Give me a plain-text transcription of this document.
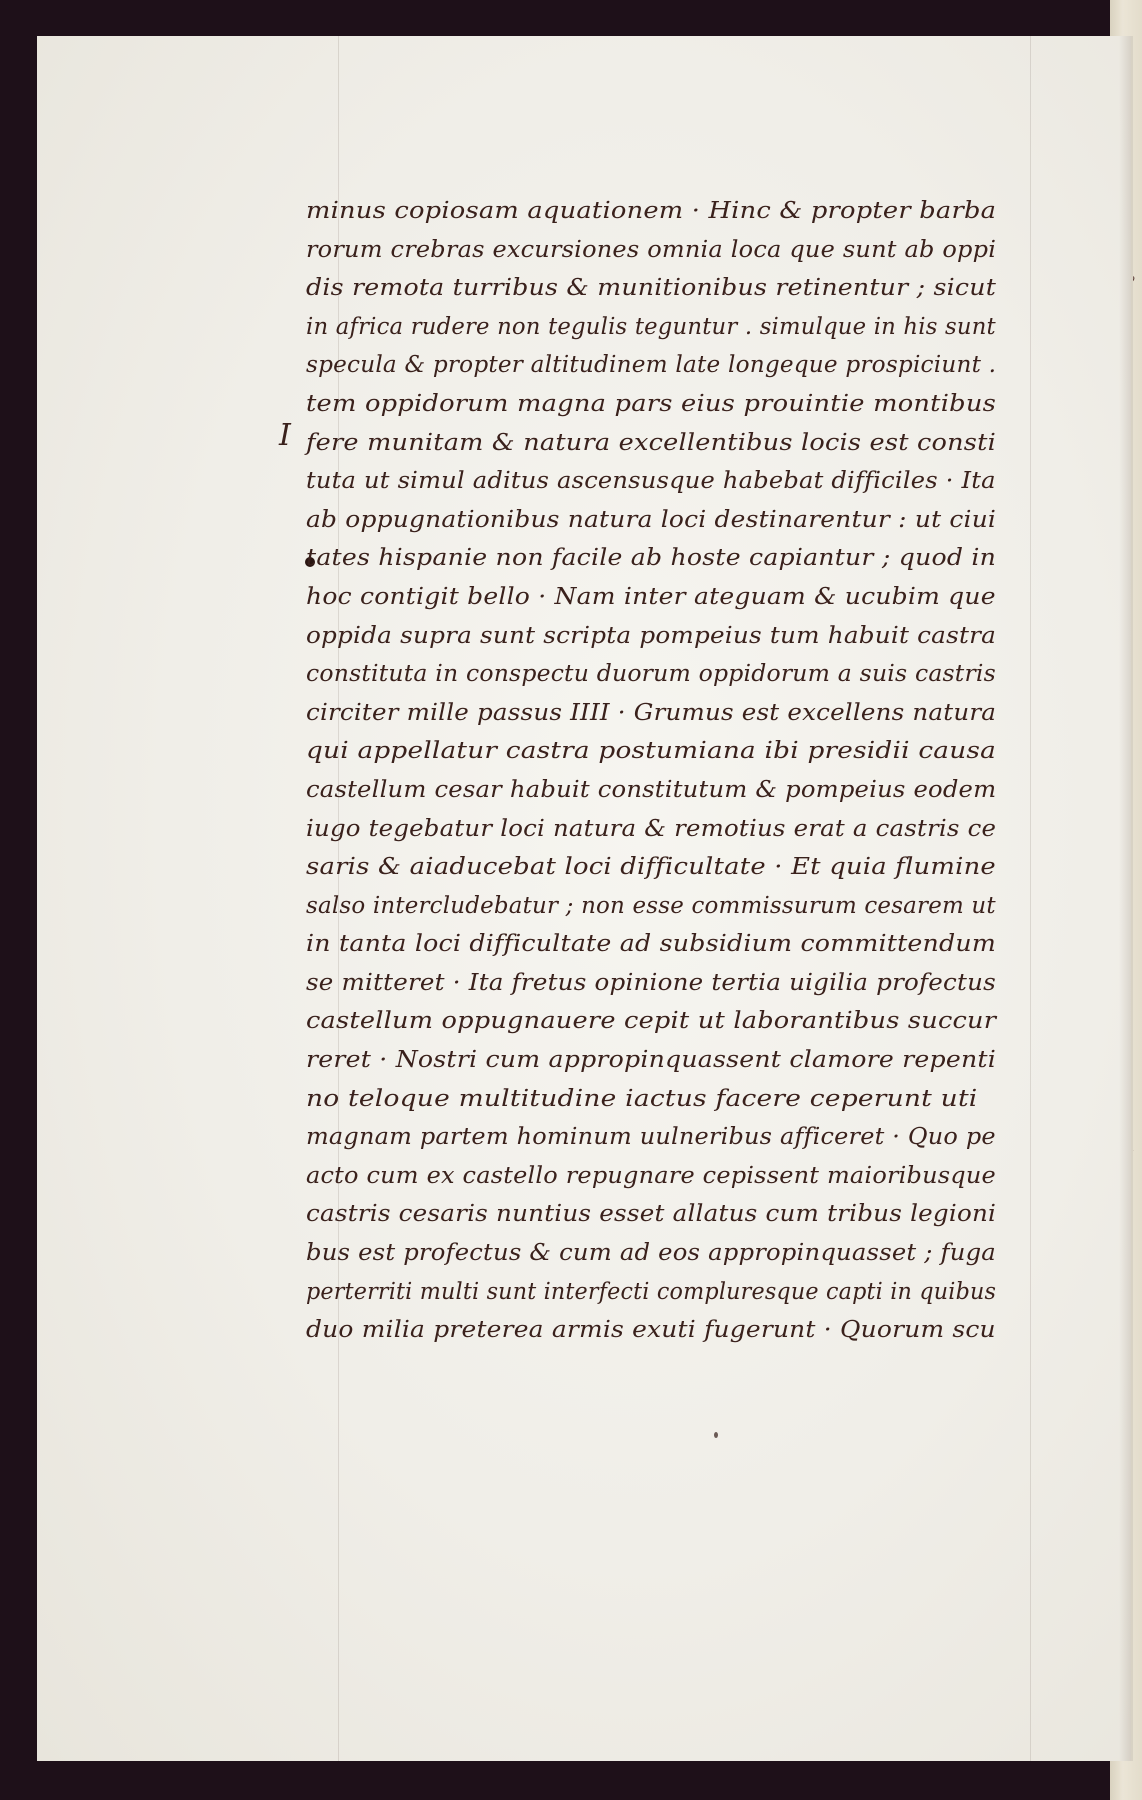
I
minus copiosam aquationem · Hinc & propter barba
rorum crebras excursiones omnia loca que sunt ab oppi
dis remota turribus & munitionibus retinentur ; sicut
in africa rudere non tegulis teguntur . simulque in his sunt
specula & propter altitudinem late longeque prospiciunt .
tem oppidorum magna pars eius prouintie montibus
fere munitam & natura excellentibus locis est consti
tuta ut simul aditus ascensusque habebat difficiles · Ita
ab oppugnationibus natura loci destinarentur : ut ciui
tates hispanie non facile ab hoste capiantur ; quod in
hoc contigit bello · Nam inter ateguam & ucubim que
oppida supra sunt scripta pompeius tum habuit castra
constituta in conspectu duorum oppidorum a suis castris
circiter mille passus IIII · Grumus est excellens natura
qui appellatur castra postumiana ibi presidii causa
castellum cesar habuit constitutum & pompeius eodem
iugo tegebatur loci natura & remotius erat a castris ce
saris & aiaducebat loci difficultate · Et quia flumine
salso intercludebatur ; non esse commissurum cesarem ut
in tanta loci difficultate ad subsidium committendum
se mitteret · Ita fretus opinione tertia uigilia profectus
castellum oppugnauere cepit ut laborantibus succur
reret · Nostri cum appropinquassent clamore repenti
no teloque multitudine iactus facere ceperunt uti
magnam partem hominum uulneribus afficeret · Quo pe
acto cum ex castello repugnare cepissent maioribusque
castris cesaris nuntius esset allatus cum tribus legioni
bus est profectus & cum ad eos appropinquasset ; fuga
perterriti multi sunt interfecti compluresque capti in quibus
duo milia preterea armis exuti fugerunt · Quorum scu
